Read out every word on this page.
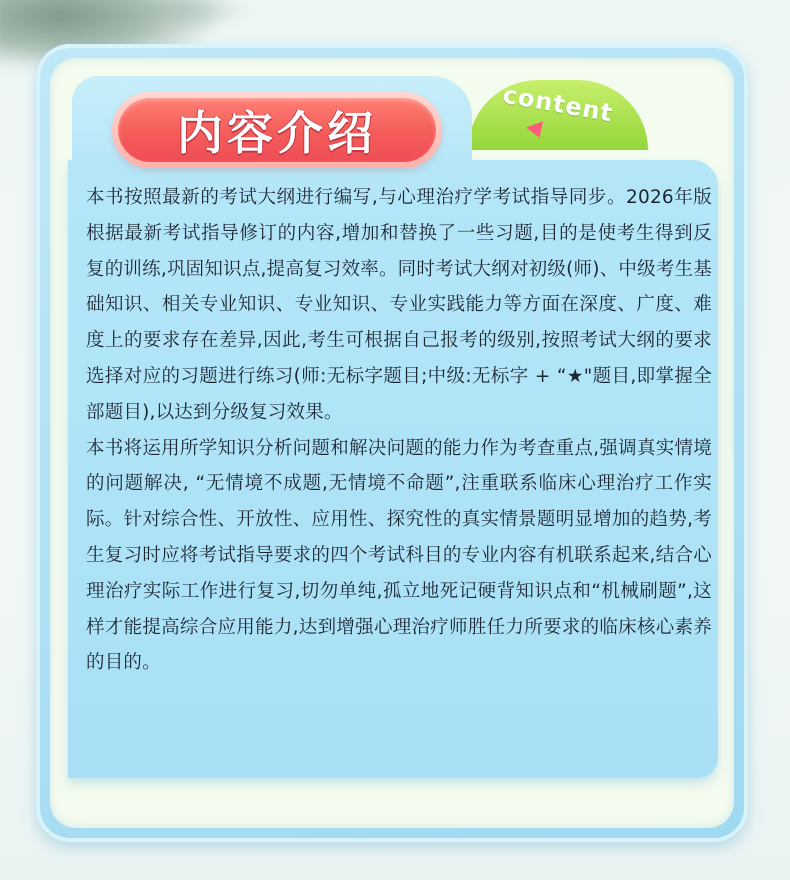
content
内容介绍

本书按照最新的考试大纲进行编写,与心理治疗学考试指导同步。2026年版根据最新考试指导修订的内容,增加和替换了一些习题,目的是使考生得到反复的训练,巩固知识点,提高复习效率。同时考试大纲对初级(师)、中级考生基础知识、相关专业知识、专业知识、专业实践能力等方面在深度、广度、难度上的要求存在差异,因此,考生可根据自己报考的级别,按照考试大纲的要求选择对应的习题进行练习(师:无标字题目;中级:无标字 + “★"题目,即掌握全部题目),以达到分级复习效果。

本书将运用所学知识分析问题和解决问题的能力作为考查重点,强调真实情境的问题解决, “无情境不成题,无情境不命题”,注重联系临床心理治疗工作实际。针对综合性、开放性、应用性、探究性的真实情景题明显增加的趋势,考生复习时应将考试指导要求的四个考试科目的专业内容有机联系起来,结合心理治疗实际工作进行复习,切勿单纯,孤立地死记硬背知识点和“机械刷题”,这样才能提高综合应用能力,达到增强心理治疗师胜任力所要求的临床核心素养的目的。
